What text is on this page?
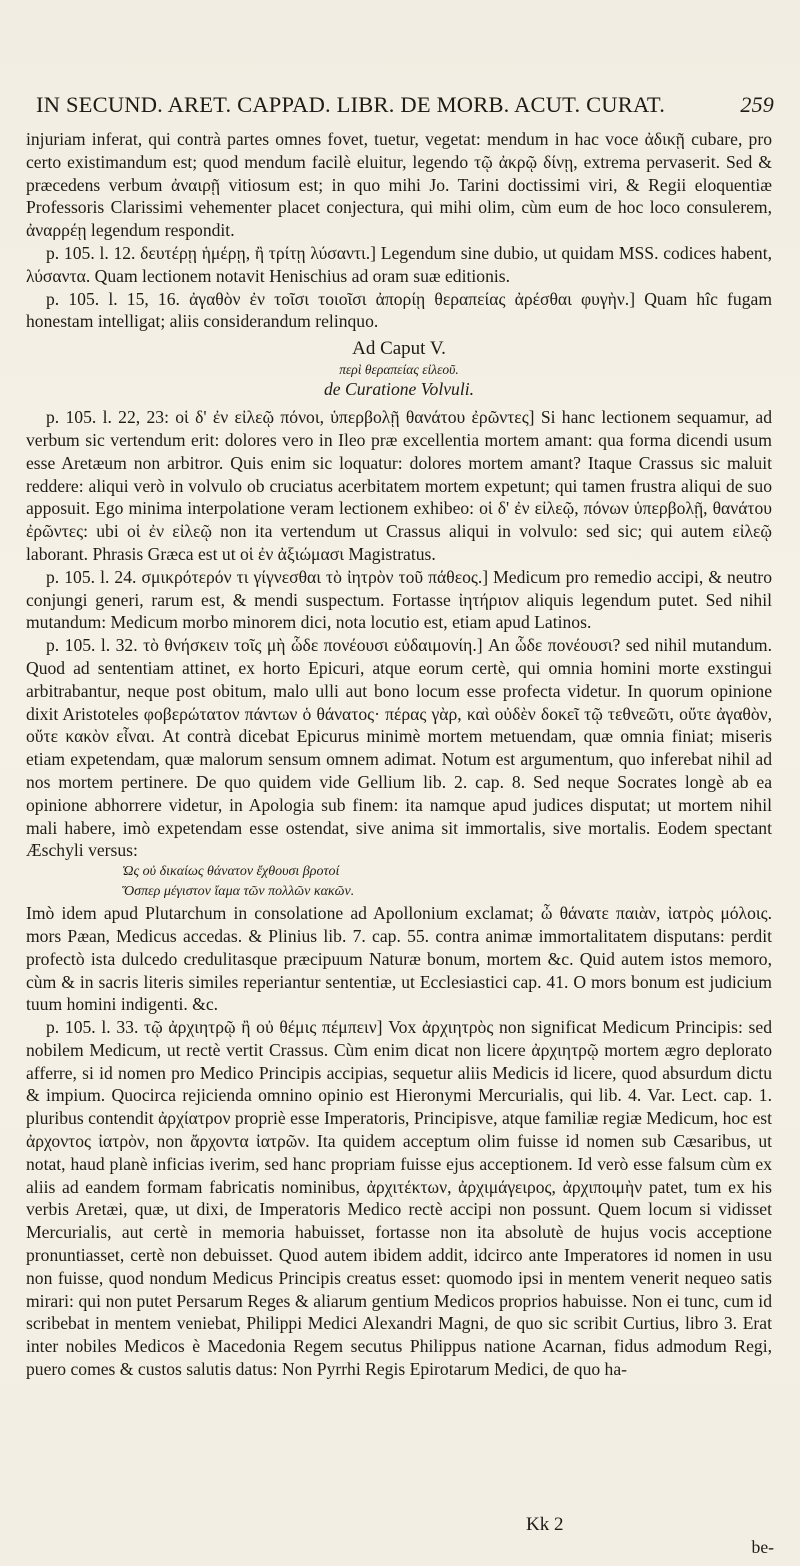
IN SECUND. ARET. CAPPAD. LIBR. DE MORB. ACUT. CURAT.	259

injuriam inferat, qui contrà partes omnes fovet, tuetur, vegetat: mendum in hac voce ἀδικῇ cubare, pro certo existimandum est; quod mendum facilè eluitur, legendo τῷ ἀκρῷ δίνῃ, extrema pervaserit. Sed & præcedens verbum ἀναιρῇ vitiosum est; in quo mihi Jo. Tarini doctissimi viri, & Regii eloquentiæ Professoris Clarissimi vehementer placet conjectura, qui mihi olim, cùm eum de hoc loco consulerem, ἀναρρέῃ legendum respondit.

p. 105. l. 12. δευτέρῃ ἡμέρῃ, ἢ τρίτῃ λύσαντι.] Legendum sine dubio, ut quidam MSS. codices habent, λύσαντα. Quam lectionem notavit Henischius ad oram suæ editionis.

p. 105. l. 15, 16. ἀγαθὸν ἐν τοῖσι τοιοῖσι ἀπορίῃ θεραπείας ἀρέσθαι φυγὴν.] Quam hîc fugam honestam intelligat; aliis considerandum relinquo.

Ad Caput V.
περὶ θεραπείας εἰλεοῦ.
de Curatione Volvuli.

p. 105. l. 22, 23: οἱ δ' ἐν εἰλεῷ πόνοι, ὑπερβολῇ θανάτου ἐρῶντες] Si hanc lectionem sequamur, ad verbum sic vertendum erit: dolores vero in Ileo præ excellentia mortem amant: qua forma dicendi usum esse Aretæum non arbitror. Quis enim sic loquatur: dolores mortem amant? Itaque Crassus sic maluit reddere: aliqui verò in volvulo ob cruciatus acerbitatem mortem expetunt; qui tamen frustra aliqui de suo apposuit. Ego minima interpolatione veram lectionem exhibeo: οἱ δ' ἐν εἰλεῷ, πόνων ὑπερβολῇ, θανάτου ἐρῶντες: ubi οἱ ἐν εἰλεῷ non ita vertendum ut Crassus aliqui in volvulo: sed sic; qui autem εἰλεῷ laborant. Phrasis Græca est ut οἱ ἐν ἀξιώμασι Magistratus.

p. 105. l. 24. σμικρότερόν τι γίγνεσθαι τὸ ἰητρὸν τοῦ πάθεος.] Medicum pro remedio accipi, & neutro conjungi generi, rarum est, & mendi suspectum. Fortasse ἰητήριον aliquis legendum putet. Sed nihil mutandum: Medicum morbo minorem dici, nota locutio est, etiam apud Latinos.

p. 105. l. 32. τὸ θνήσκειν τοῖς μὴ ὧδε πονέουσι εὐδαιμονίη.] An ὧδε πονέουσι? sed nihil mutandum. Quod ad sententiam attinet, ex horto Epicuri, atque eorum certè, qui omnia homini morte exstingui arbitrabantur, neque post obitum, malo ulli aut bono locum esse profecta videtur. In quorum opinione dixit Aristoteles φοβερώτατον πάντων ὁ θάνατος· πέρας γὰρ, καὶ οὐδὲν δοκεῖ τῷ τεθνεῶτι, οὔτε ἀγαθὸν, οὔτε κακὸν εἶναι. At contrà dicebat Epicurus minimè mortem metuendam, quæ omnia finiat; miseris etiam expetendam, quæ malorum sensum omnem adimat. Notum est argumentum, quo inferebat nihil ad nos mortem pertinere. De quo quidem vide Gellium lib. 2. cap. 8. Sed neque Socrates longè ab ea opinione abhorrere videtur, in Apologia sub finem: ita namque apud judices disputat; ut mortem nihil mali habere, imò expetendam esse ostendat, sive anima sit immortalis, sive mortalis. Eodem spectant Æschyli versus:

Ὡς οὐ δικαίως θάνατον ἔχθουσι βροτοί
Ὅσπερ μέγιστον ἴαμα τῶν πολλῶν κακῶν.

Imò idem apud Plutarchum in consolatione ad Apollonium exclamat; ὦ θάνατε παιὰν, ἰατρὸς μόλοις. mors Pæan, Medicus accedas. & Plinius lib. 7. cap. 55. contra animæ immortalitatem disputans: perdit profectò ista dulcedo credulitasque præcipuum Naturæ bonum, mortem &c. Quid autem istos memoro, cùm & in sacris literis similes reperiantur sententiæ, ut Ecclesiastici cap. 41. O mors bonum est judicium tuum homini indigenti. &c.

p. 105. l. 33. τῷ ἀρχιητρῷ ἢ οὐ θέμις πέμπειν] Vox ἀρχιητρὸς non significat Medicum Principis: sed nobilem Medicum, ut rectè vertit Crassus. Cùm enim dicat non licere ἀρχιητρῷ mortem ægro deplorato afferre, si id nomen pro Medico Principis accipias, sequetur aliis Medicis id licere, quod absurdum dictu & impium. Quocirca rejicienda omnino opinio est Hieronymi Mercurialis, qui lib. 4. Var. Lect. cap. 1. pluribus contendit ἀρχίατρον propriè esse Imperatoris, Principisve, atque familiæ regiæ Medicum, hoc est ἀρχοντος ἰατρὸν, non ἄρχοντα ἰατρῶν. Ita quidem acceptum olim fuisse id nomen sub Cæsaribus, ut notat, haud planè inficias iverim, sed hanc propriam fuisse ejus acceptionem. Id verò esse falsum cùm ex aliis ad eandem formam fabricatis nominibus, ἀρχιτέκτων, ἀρχιμάγειρος, ἀρχιποιμὴν patet, tum ex his verbis Aretæi, quæ, ut dixi, de Imperatoris Medico rectè accipi non possunt. Quem locum si vidisset Mercurialis, aut certè in memoria habuisset, fortasse non ita absolutè de hujus vocis acceptione pronuntiasset, certè non debuisset. Quod autem ibidem addit, idcirco ante Imperatores id nomen in usu non fuisse, quod nondum Medicus Principis creatus esset: quomodo ipsi in mentem venerit nequeo satis mirari: qui non putet Persarum Reges & aliarum gentium Medicos proprios habuisse. Non ei tunc, cum id scribebat in mentem veniebat, Philippi Medici Alexandri Magni, de quo sic scribit Curtius, libro 3. Erat inter nobiles Medicos è Macedonia Regem secutus Philippus natione Acarnan, fidus admodum Regi, puero comes & custos salutis datus: Non Pyrrhi Regis Epirotarum Medici, de quo ha-

Kk 2
be-
